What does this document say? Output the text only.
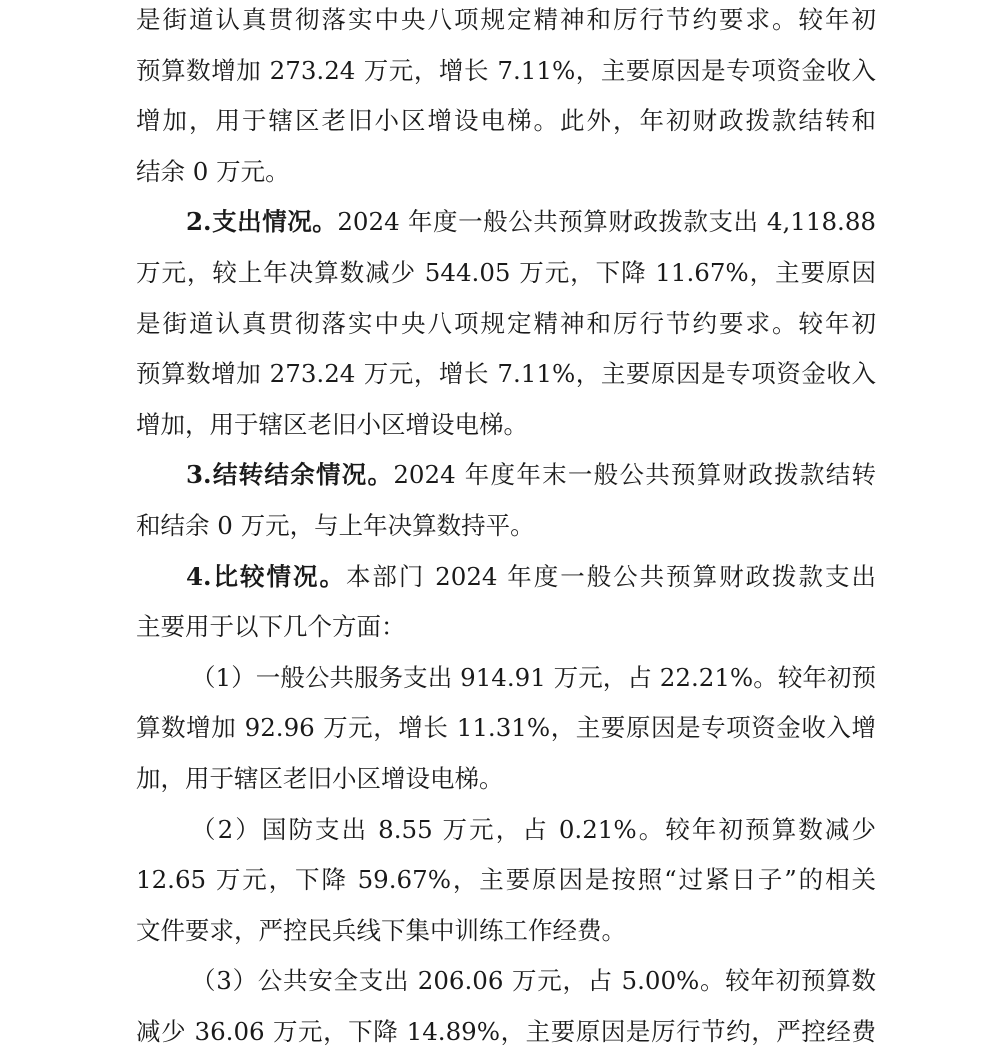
是街道认真贯彻落实中央八项规定精神和厉行节约要求。较年初
预算数增加 273.24 万元，增长 7.11%，主要原因是专项资金收入
增加，用于辖区老旧小区增设电梯。此外，年初财政拨款结转和
结余 0 万元。
2.支出情况。2024 年度一般公共预算财政拨款支出 4,118.88
万元，较上年决算数减少 544.05 万元，下降 11.67%，主要原因
是街道认真贯彻落实中央八项规定精神和厉行节约要求。较年初
预算数增加 273.24 万元，增长 7.11%，主要原因是专项资金收入
增加，用于辖区老旧小区增设电梯。
3.结转结余情况。2024 年度年末一般公共预算财政拨款结转
和结余 0 万元，与上年决算数持平。
4.比较情况。本部门 2024 年度一般公共预算财政拨款支出
主要用于以下几个方面：
（1）一般公共服务支出 914.91 万元，占 22.21%。较年初预
算数增加 92.96 万元，增长 11.31%，主要原因是专项资金收入增
加，用于辖区老旧小区增设电梯。
（2）国防支出 8.55 万元，占 0.21%。较年初预算数减少
12.65 万元，下降 59.67%，主要原因是按照“过紧日子”的相关
文件要求，严控民兵线下集中训练工作经费。
（3）公共安全支出 206.06 万元，占 5.00%。较年初预算数
减少 36.06 万元，下降 14.89%，主要原因是厉行节约，严控经费
